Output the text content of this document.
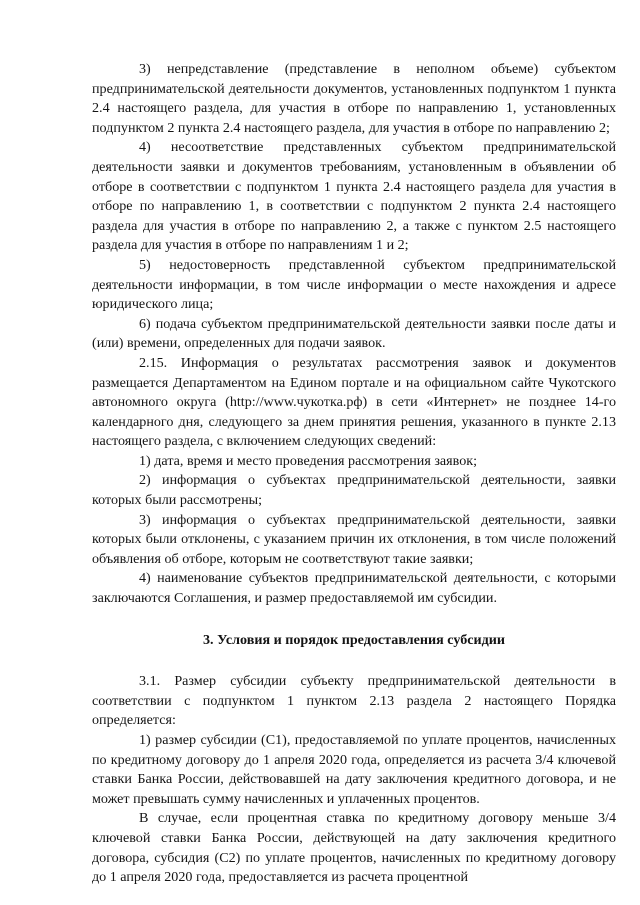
3) непредставление (представление в неполном объеме) субъектом предпринимательской деятельности документов, установленных подпунктом 1 пункта 2.4 настоящего раздела, для участия в отборе по направлению 1, установленных подпунктом 2 пункта 2.4 настоящего раздела, для участия в отборе по направлению 2;

4) несоответствие представленных субъектом предпринимательской деятельности заявки и документов требованиям, установленным в объявлении об отборе в соответствии с подпунктом 1 пункта 2.4 настоящего раздела для участия в отборе по направлению 1, в соответствии с подпунктом 2 пункта 2.4 настоящего раздела для участия в отборе по направлению 2, а также с пунктом 2.5 настоящего раздела для участия в отборе по направлениям 1 и 2;

5) недостоверность представленной субъектом предпринимательской деятельности информации, в том числе информации о месте нахождения и адресе юридического лица;

6) подача субъектом предпринимательской деятельности заявки после даты и (или) времени, определенных для подачи заявок.

2.15. Информация о результатах рассмотрения заявок и документов размещается Департаментом на Едином портале и на официальном сайте Чукотского автономного округа (http://www.чукотка.рф) в сети «Интернет» не позднее 14-го календарного дня, следующего за днем принятия решения, указанного в пункте 2.13 настоящего раздела, с включением следующих сведений:

1) дата, время и место проведения рассмотрения заявок;

2) информация о субъектах предпринимательской деятельности, заявки которых были рассмотрены;

3) информация о субъектах предпринимательской деятельности, заявки которых были отклонены, с указанием причин их отклонения, в том числе положений объявления об отборе, которым не соответствуют такие заявки;

4) наименование субъектов предпринимательской деятельности, с которыми заключаются Соглашения, и размер предоставляемой им субсидии.

3. Условия и порядок предоставления субсидии

3.1. Размер субсидии субъекту предпринимательской деятельности в соответствии с подпунктом 1 пунктом 2.13 раздела 2 настоящего Порядка определяется:

1) размер субсидии (С1), предоставляемой по уплате процентов, начисленных по кредитному договору до 1 апреля 2020 года, определяется из расчета 3/4 ключевой ставки Банка России, действовавшей на дату заключения кредитного договора, и не может превышать сумму начисленных и уплаченных процентов.

В случае, если процентная ставка по кредитному договору меньше 3/4 ключевой ставки Банка России, действующей на дату заключения кредитного договора, субсидия (С2) по уплате процентов, начисленных по кредитному договору до 1 апреля 2020 года, предоставляется из расчета процентной
